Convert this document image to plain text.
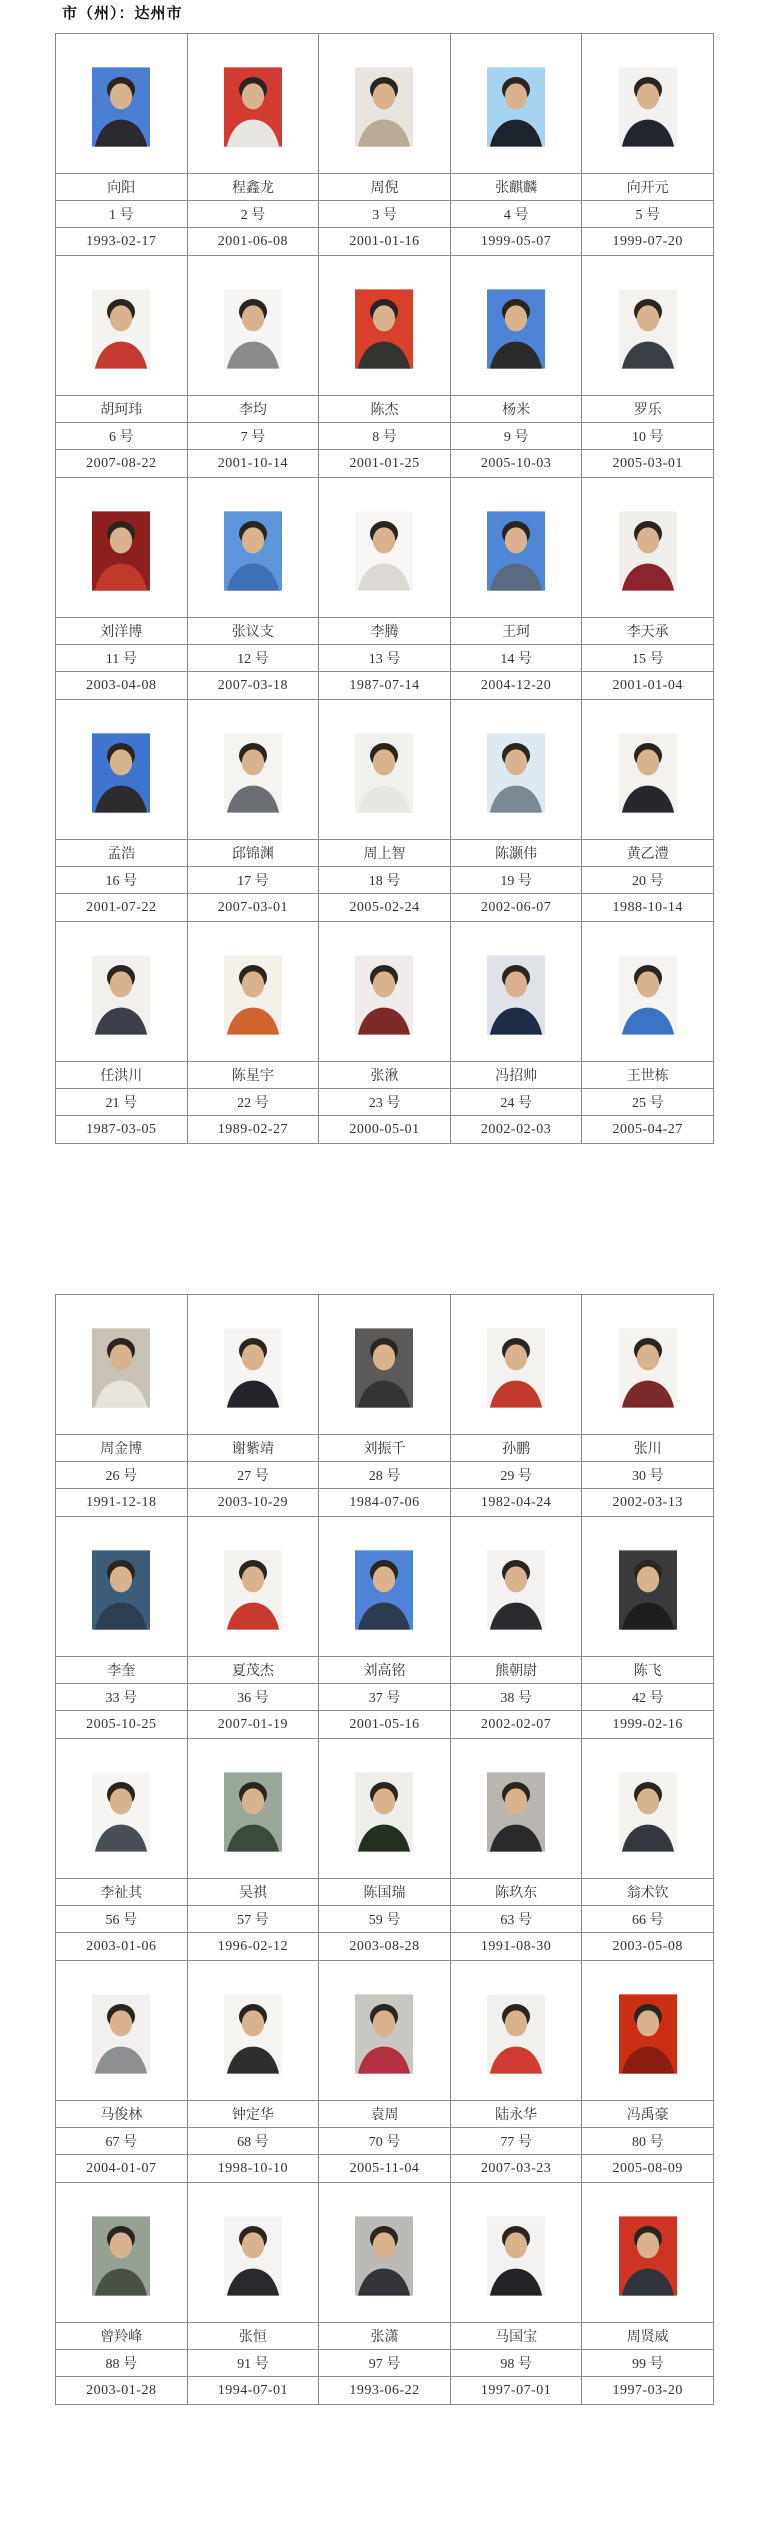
市（州）：达州市

向阳	程鑫龙	周倪	张麒麟	向开元
1 号	2 号	3 号	4 号	5 号
1993-02-17	2001-06-08	2001-01-16	1999-05-07	1999-07-20

胡珂玮	李均	陈杰	杨米	罗乐
6 号	7 号	8 号	9 号	10 号
2007-08-22	2001-10-14	2001-01-25	2005-10-03	2005-03-01

刘洋博	张议支	李腾	王珂	李天承
11 号	12 号	13 号	14 号	15 号
2003-04-08	2007-03-18	1987-07-14	2004-12-20	2001-01-04

孟浩	邱锦渊	周上智	陈灏伟	黄乙澧
16 号	17 号	18 号	19 号	20 号
2001-07-22	2007-03-01	2005-02-24	2002-06-07	1988-10-14

任洪川	陈星宇	张湫	冯招帅	王世栋
21 号	22 号	23 号	24 号	25 号
1987-03-05	1989-02-27	2000-05-01	2002-02-03	2005-04-27

周金博	谢紫靖	刘振千	孙鹏	张川
26 号	27 号	28 号	29 号	30 号
1991-12-18	2003-10-29	1984-07-06	1982-04-24	2002-03-13

李奎	夏茂杰	刘高铭	熊朝尉	陈飞
33 号	36 号	37 号	38 号	42 号
2005-10-25	2007-01-19	2001-05-16	2002-02-07	1999-02-16

李祉其	吴祺	陈国瑞	陈玖东	翁术钦
56 号	57 号	59 号	63 号	66 号
2003-01-06	1996-02-12	2003-08-28	1991-08-30	2003-05-08

马俊林	钟定华	袁周	陆永华	冯禹豪
67 号	68 号	70 号	77 号	80 号
2004-01-07	1998-10-10	2005-11-04	2007-03-23	2005-08-09

曾羚峰	张恒	张潇	马国宝	周贤威
88 号	91 号	97 号	98 号	99 号
2003-01-28	1994-07-01	1993-06-22	1997-07-01	1997-03-20
